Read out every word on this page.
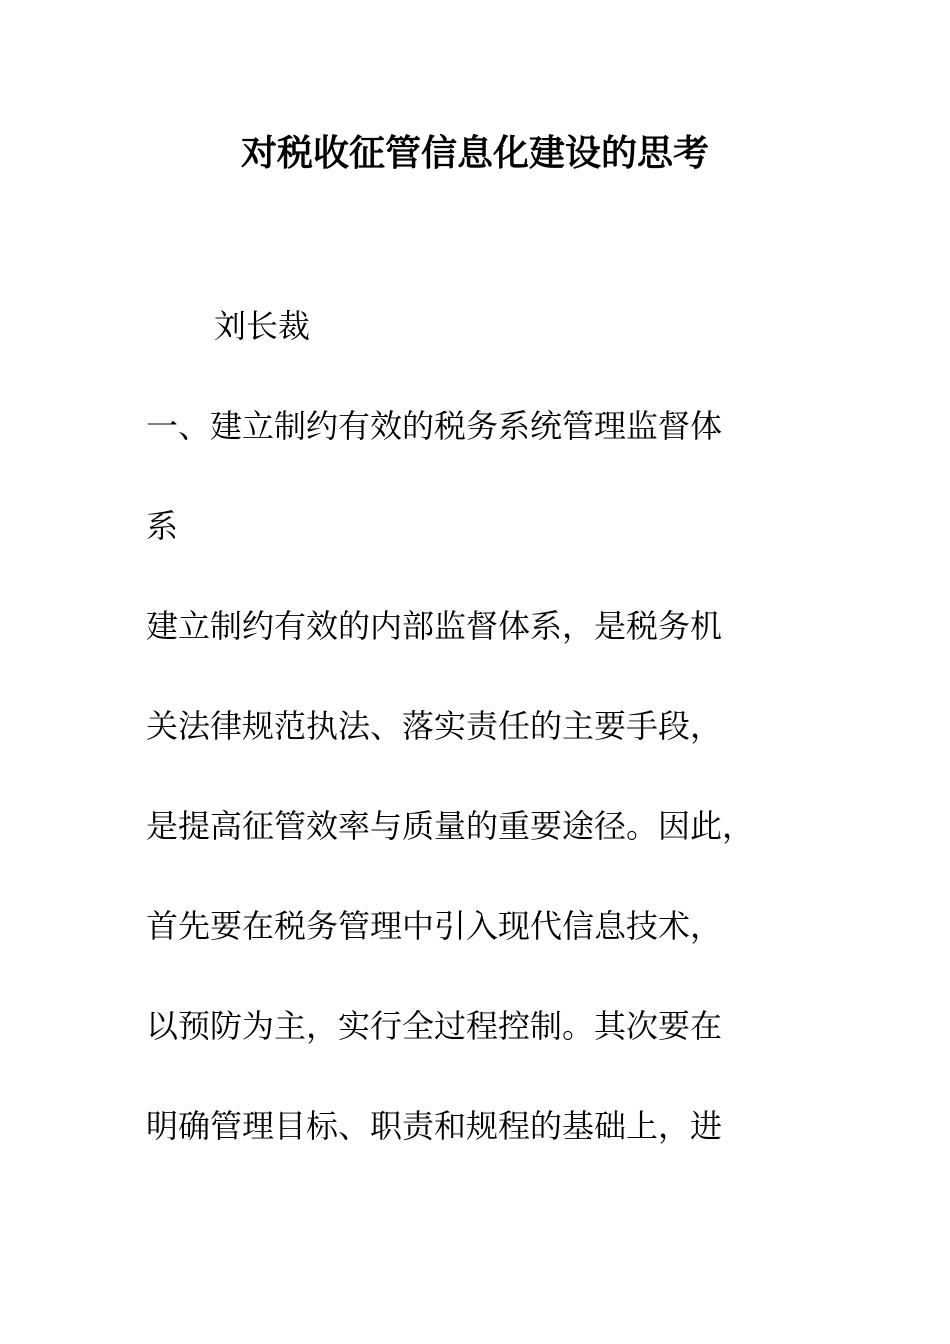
对税收征管信息化建设的思考

刘长裁

一、建立制约有效的税务系统管理监督体

系

建立制约有效的内部监督体系，是税务机

关法律规范执法、落实责任的主要手段，

是提高征管效率与质量的重要途径。因此，

首先要在税务管理中引入现代信息技术，

以预防为主，实行全过程控制。其次要在

明确管理目标、职责和规程的基础上，进
